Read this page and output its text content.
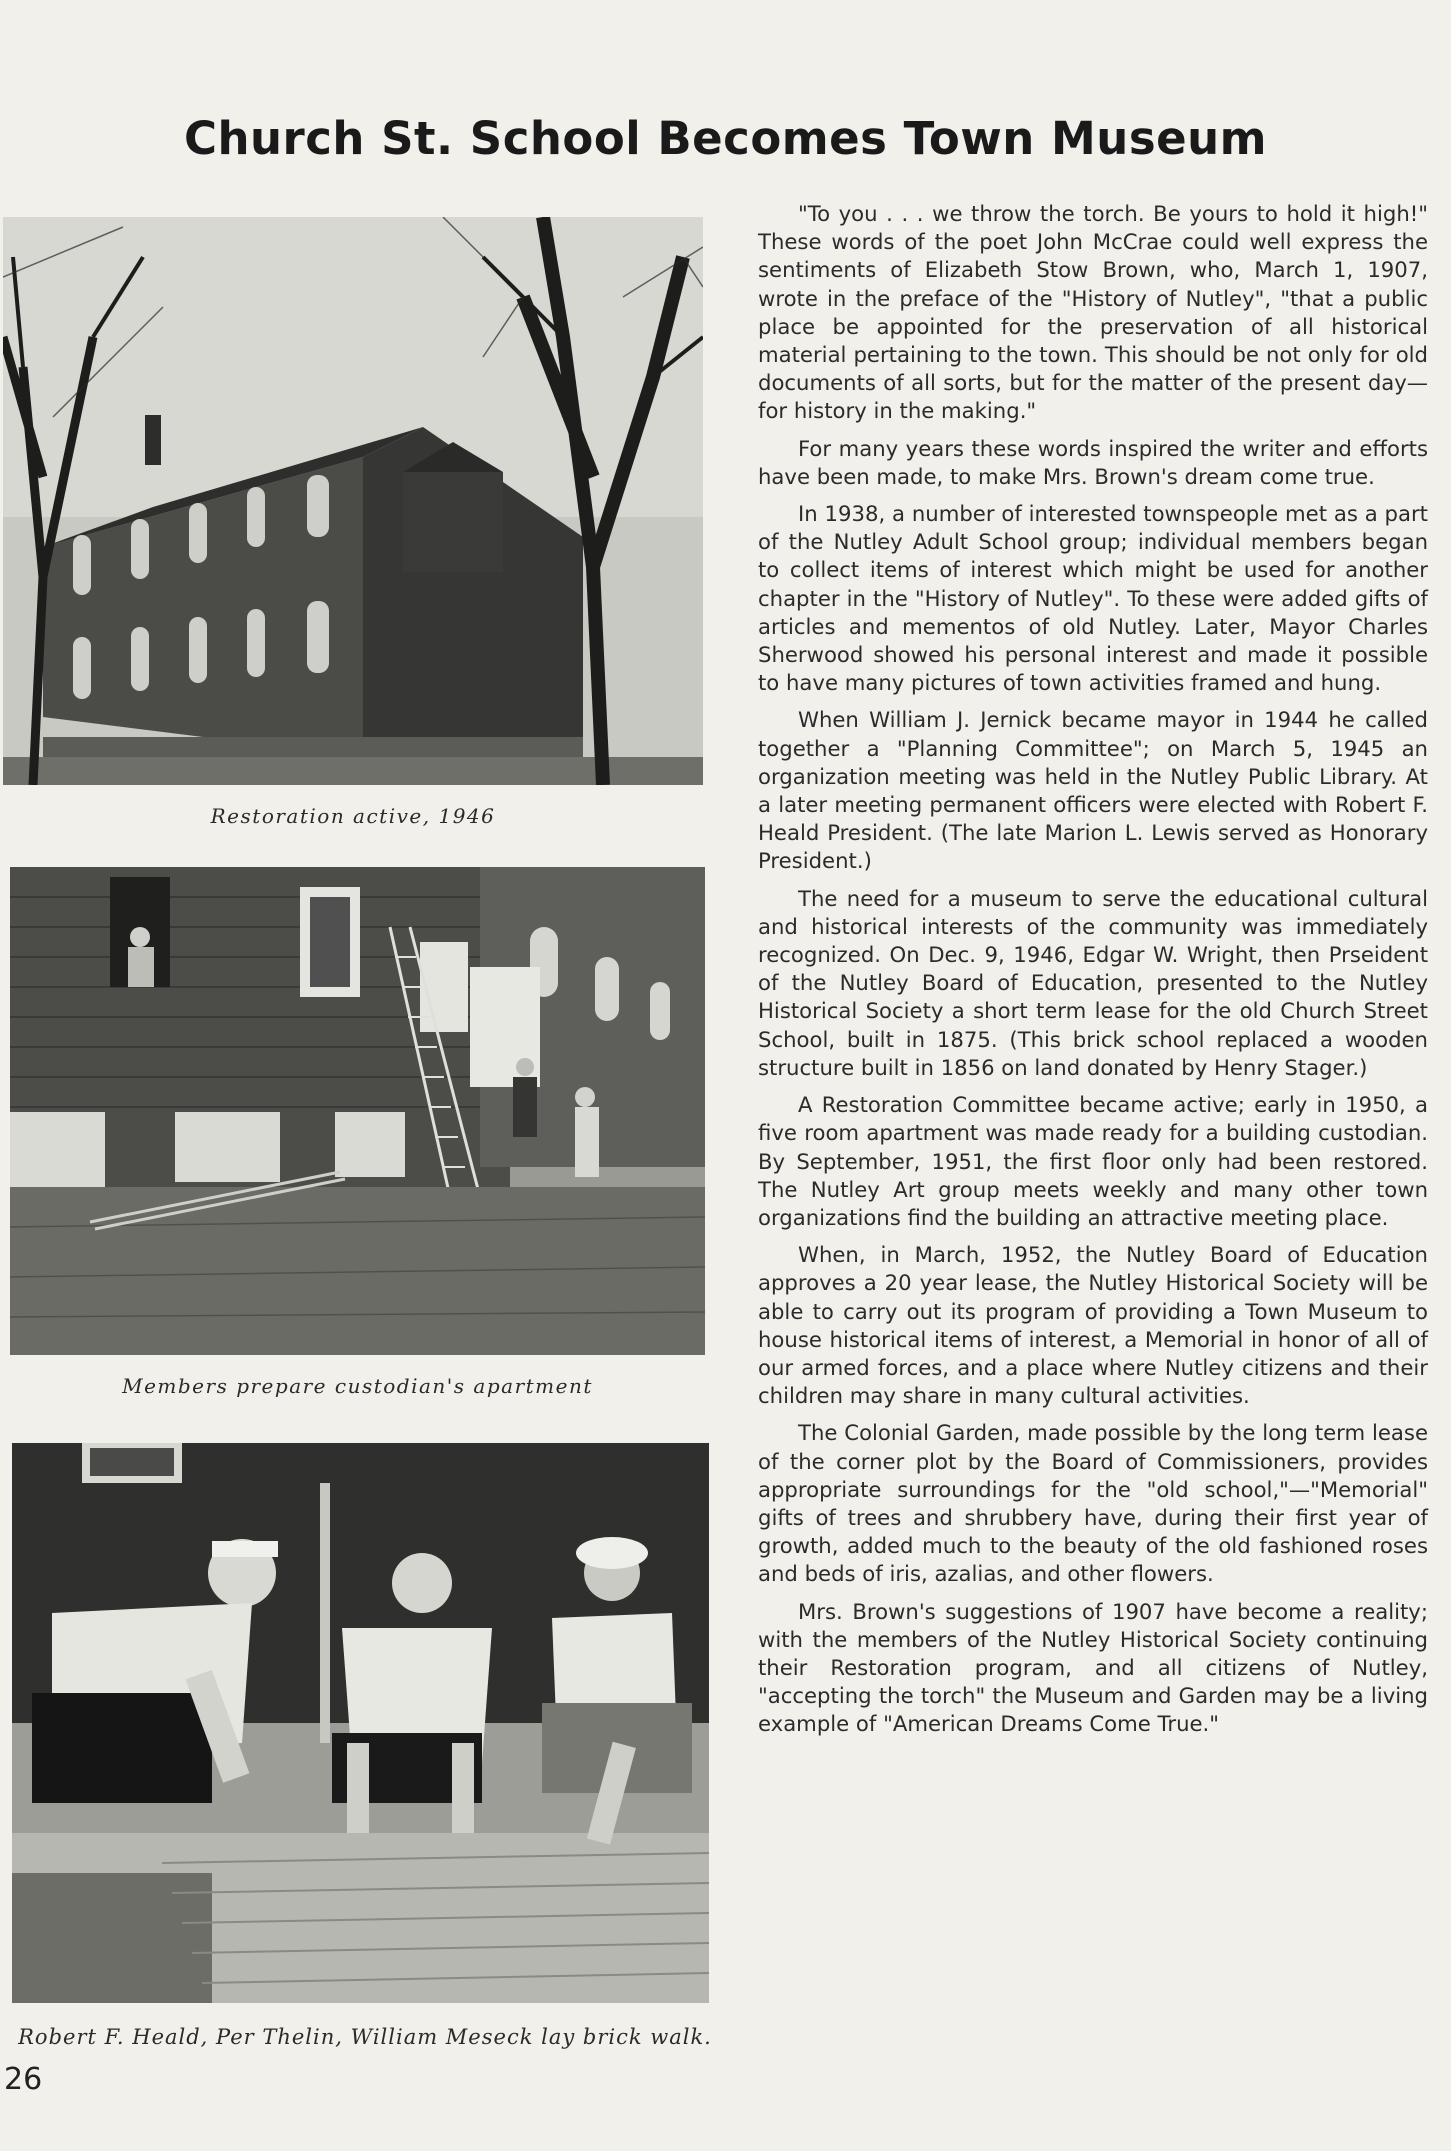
Church St. School Becomes Town Museum
Restoration active, 1946
Members prepare custodian's apartment
Robert F. Heald, Per Thelin, William Meseck lay brick walk.

"To you . . . we throw the torch. Be yours to hold it high!" These words of the poet John McCrae could well express the sentiments of Elizabeth Stow Brown, who, March 1, 1907, wrote in the preface of the "History of Nutley", "that a public place be appointed for the preservation of all historical material pertaining to the town. This should be not only for old documents of all sorts, but for the matter of the present day—for history in the making."

For many years these words inspired the writer and efforts have been made, to make Mrs. Brown's dream come true.

In 1938, a number of interested townspeople met as a part of the Nutley Adult School group; individual members began to collect items of interest which might be used for another chapter in the "History of Nutley". To these were added gifts of articles and mementos of old Nutley. Later, Mayor Charles Sherwood showed his personal interest and made it possible to have many pictures of town activities framed and hung.

When William J. Jernick became mayor in 1944 he called together a "Planning Committee"; on March 5, 1945 an organization meeting was held in the Nutley Public Library. At a later meeting permanent officers were elected with Robert F. Heald President. (The late Marion L. Lewis served as Honorary President.)

The need for a museum to serve the educational cultural and historical interests of the community was immediately recognized. On Dec. 9, 1946, Edgar W. Wright, then Prseident of the Nutley Board of Education, presented to the Nutley Historical Society a short term lease for the old Church Street School, built in 1875. (This brick school replaced a wooden structure built in 1856 on land donated by Henry Stager.)

A Restoration Committee became active; early in 1950, a five room apartment was made ready for a building custodian. By September, 1951, the first floor only had been restored. The Nutley Art group meets weekly and many other town organizations find the building an attractive meeting place.

When, in March, 1952, the Nutley Board of Education approves a 20 year lease, the Nutley Historical Society will be able to carry out its program of providing a Town Museum to house historical items of interest, a Memorial in honor of all of our armed forces, and a place where Nutley citizens and their children may share in many cultural activities.

The Colonial Garden, made possible by the long term lease of the corner plot by the Board of Commissioners, provides appropriate surroundings for the "old school,"—"Memorial" gifts of trees and shrubbery have, during their first year of growth, added much to the beauty of the old fashioned roses and beds of iris, azalias, and other flowers.

Mrs. Brown's suggestions of 1907 have become a reality; with the members of the Nutley Historical Society continuing their Restoration program, and all citizens of Nutley, "accepting the torch" the Museum and Garden may be a living example of "American Dreams Come True."

26
